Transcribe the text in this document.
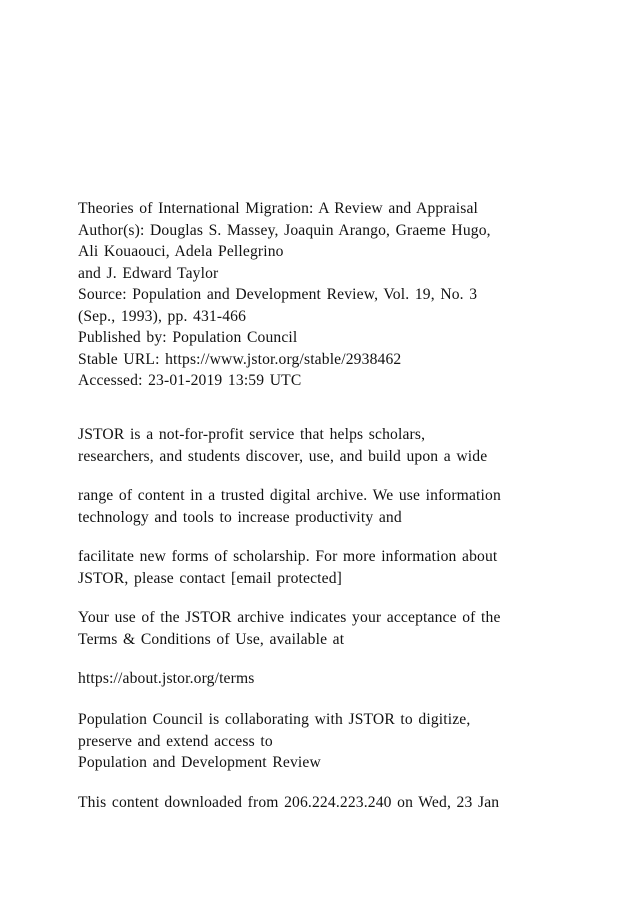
Theories of International Migration: A Review and Appraisal
Author(s): Douglas S. Massey, Joaquin Arango, Graeme Hugo,
Ali Kouaouci, Adela Pellegrino
and J. Edward Taylor
Source: Population and Development Review, Vol. 19, No. 3
(Sep., 1993), pp. 431-466
Published by: Population Council
Stable URL: https://www.jstor.org/stable/2938462
Accessed: 23-01-2019 13:59 UTC
JSTOR is a not-for-profit service that helps scholars,
researchers, and students discover, use, and build upon a wide
range of content in a trusted digital archive. We use information
technology and tools to increase productivity and
facilitate new forms of scholarship. For more information about
JSTOR, please contact [email protected]
Your use of the JSTOR archive indicates your acceptance of the
Terms & Conditions of Use, available at
https://about.jstor.org/terms
Population Council is collaborating with JSTOR to digitize,
preserve and extend access to
Population and Development Review
This content downloaded from 206.224.223.240 on Wed, 23 Jan
